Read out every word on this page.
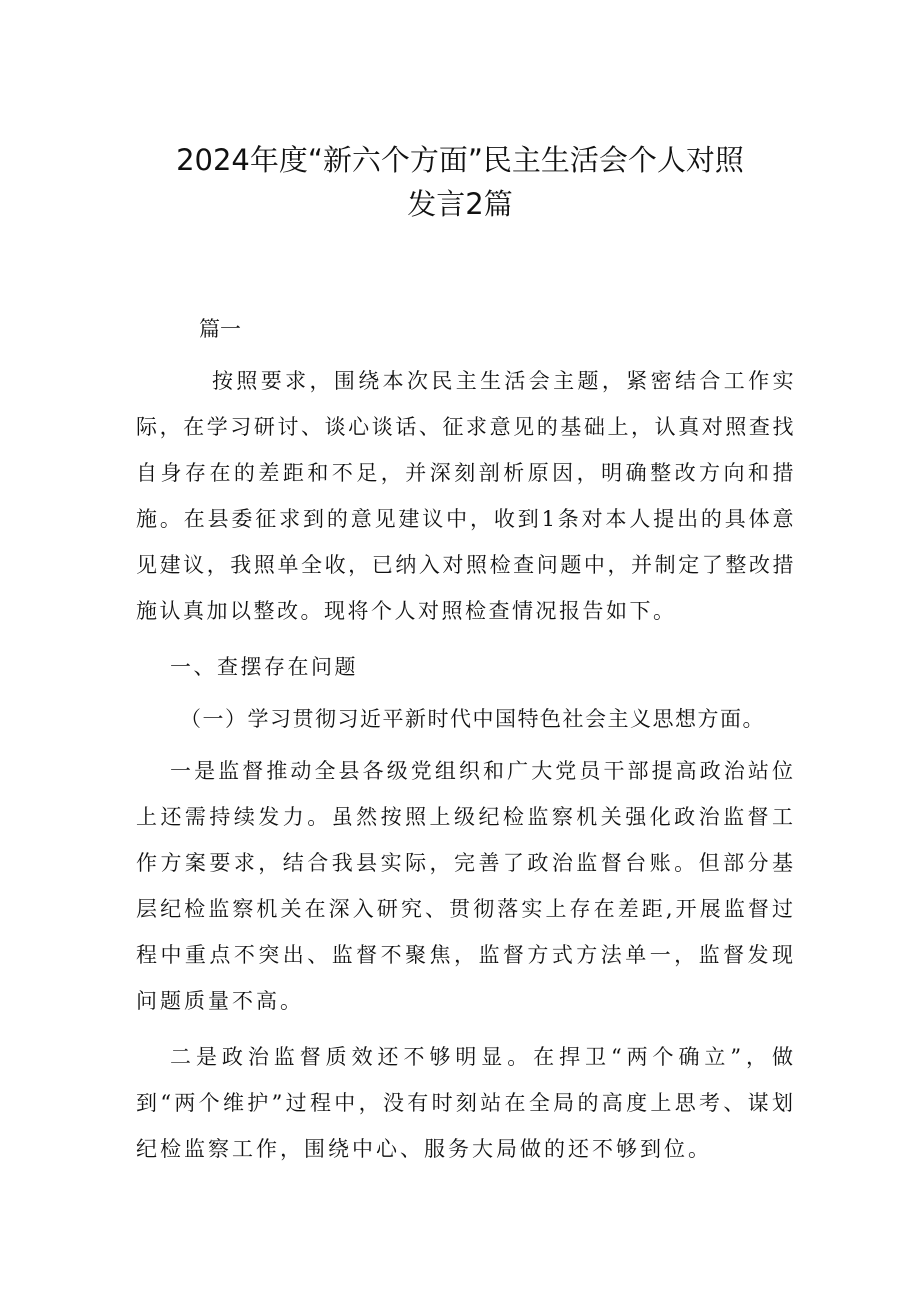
2024年度“新六个方面”民主生活会个人对照
发言2篇

篇一

按照要求，围绕本次民主生活会主题，紧密结合工作实际，在学习研讨、谈心谈话、征求意见的基础上，认真对照查找自身存在的差距和不足，并深刻剖析原因，明确整改方向和措施。在县委征求到的意见建议中，收到1条对本人提出的具体意见建议，我照单全收，已纳入对照检查问题中，并制定了整改措施认真加以整改。现将个人对照检查情况报告如下。

一、查摆存在问题

（一）学习贯彻习近平新时代中国特色社会主义思想方面。

一是监督推动全县各级党组织和广大党员干部提高政治站位上还需持续发力。虽然按照上级纪检监察机关强化政治监督工作方案要求，结合我县实际，完善了政治监督台账。但部分基层纪检监察机关在深入研究、贯彻落实上存在差距,开展监督过程中重点不突出、监督不聚焦，监督方式方法单一，监督发现问题质量不高。

二是政治监督质效还不够明显。在捍卫“两个确立”，做到“两个维护”过程中，没有时刻站在全局的高度上思考、谋划纪检监察工作，围绕中心、服务大局做的还不够到位。
